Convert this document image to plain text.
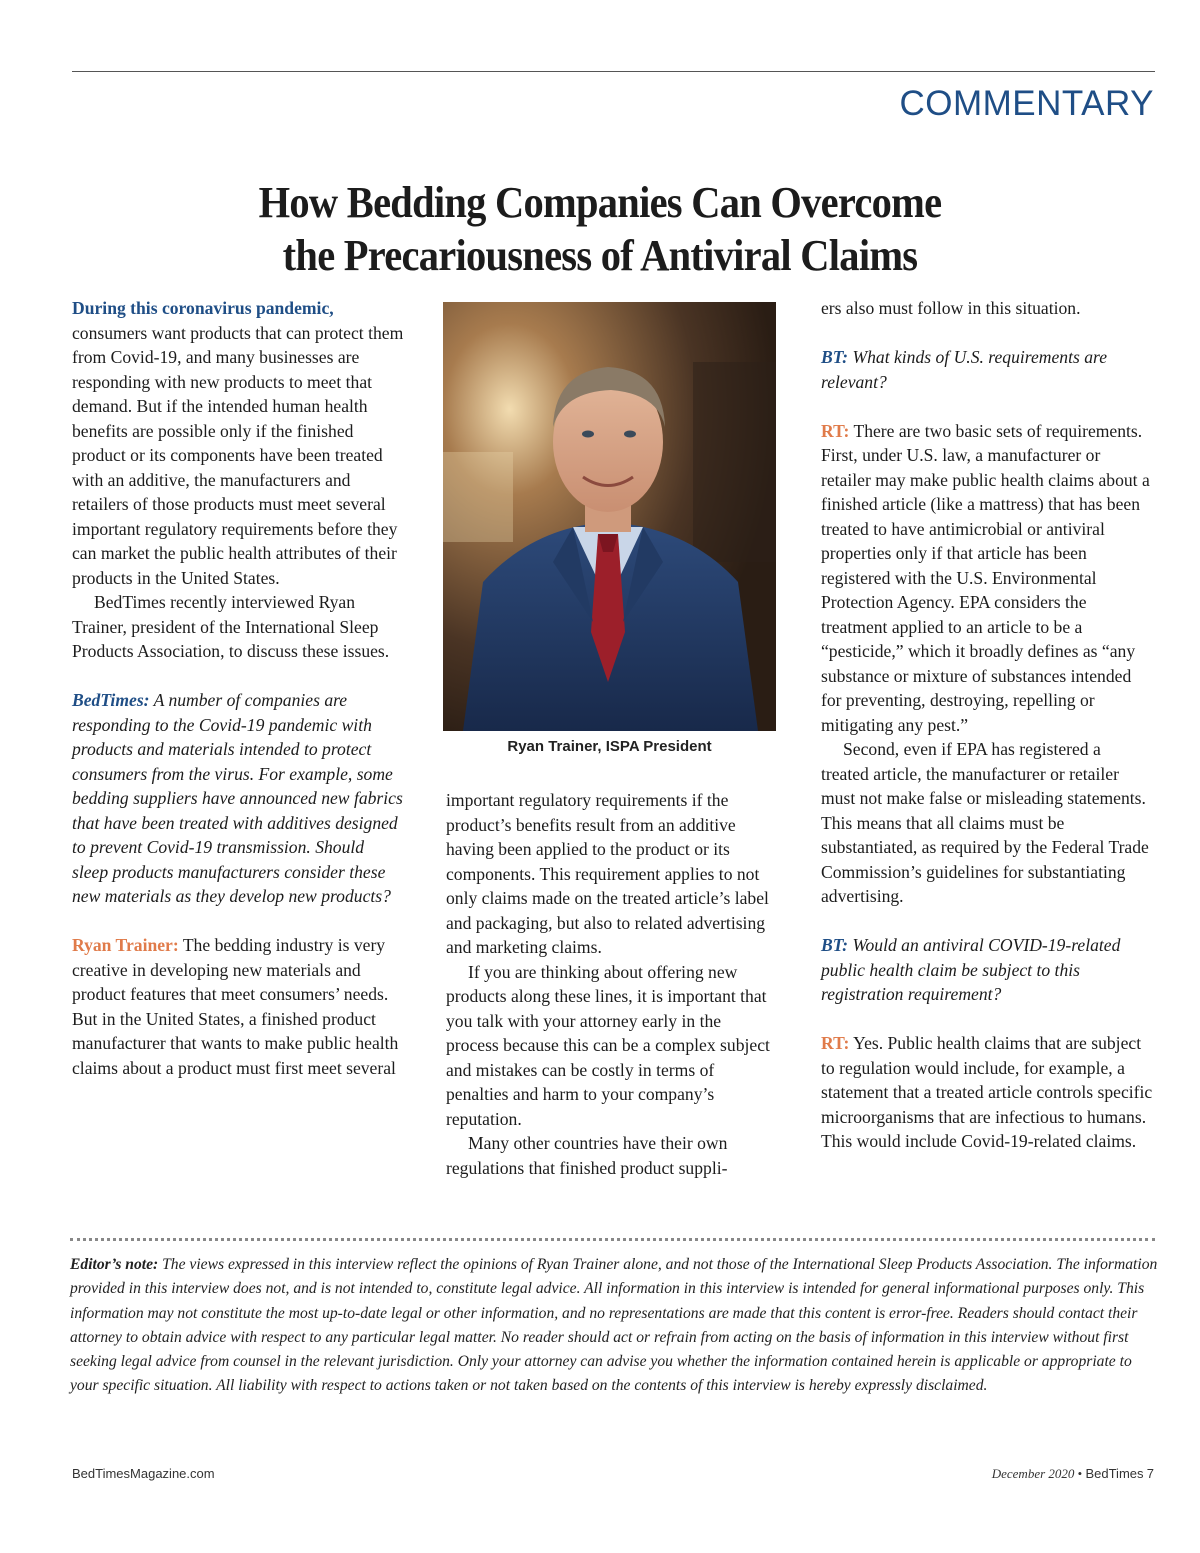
COMMENTARY
How Bedding Companies Can Overcome
the Precariousness of Antiviral Claims

During this coronavirus pandemic, consumers want products that can protect them from Covid-19, and many businesses are responding with new products to meet that demand. But if the intended human health benefits are possible only if the finished product or its components have been treated with an additive, the manufacturers and retailers of those products must meet several important regulatory requirements before they can market the public health attributes of their products in the United States.

BedTimes recently interviewed Ryan Trainer, president of the International Sleep Products Association, to discuss these issues.

BedTimes: A number of companies are responding to the Covid-19 pandemic with products and materials intended to protect consumers from the virus. For example, some bedding suppliers have announced new fabrics that have been treated with additives designed to prevent Covid-19 transmission. Should sleep products manufacturers consider these new materials as they develop new products?

Ryan Trainer: The bedding industry is very creative in developing new materials and product features that meet consumers’ needs. But in the United States, a finished product manufacturer that wants to make public health claims about a product must first meet several

Ryan Trainer, ISPA President

important regulatory requirements if the product’s benefits result from an additive having been applied to the product or its components. This requirement applies to not only claims made on the treated article’s label and packaging, but also to related advertising and marketing claims.

If you are thinking about offering new products along these lines, it is important that you talk with your attorney early in the process because this can be a complex subject and mistakes can be costly in terms of penalties and harm to your company’s reputation.

Many other countries have their own regulations that finished product suppli-

ers also must follow in this situation.

BT: What kinds of U.S. requirements are relevant?

RT: There are two basic sets of requirements. First, under U.S. law, a manufacturer or retailer may make public health claims about a finished article (like a mattress) that has been treated to have antimicrobial or antiviral properties only if that article has been registered with the U.S. Environmental Protection Agency. EPA considers the treatment applied to an article to be a “pesticide,” which it broadly defines as “any substance or mixture of substances intended for preventing, destroying, repelling or mitigating any pest.”

Second, even if EPA has registered a treated article, the manufacturer or retailer must not make false or misleading statements. This means that all claims must be substantiated, as required by the Federal Trade Commission’s guidelines for substantiating advertising.

BT: Would an antiviral COVID-19-related public health claim be subject to this registration requirement?

RT: Yes. Public health claims that are subject to regulation would include, for example, a statement that a treated article controls specific microorganisms that are infectious to humans. This would include Covid-19-related claims.

Editor’s note: The views expressed in this interview reflect the opinions of Ryan Trainer alone, and not those of the International Sleep Products Association. The information provided in this interview does not, and is not intended to, constitute legal advice. All information in this interview is intended for general informational purposes only. This information may not constitute the most up-to-date legal or other information, and no representations are made that this content is error-free. Readers should contact their attorney to obtain advice with respect to any particular legal matter. No reader should act or refrain from acting on the basis of information in this interview without first seeking legal advice from counsel in the relevant jurisdiction. Only your attorney can advise you whether the information contained herein is applicable or appropriate to your specific situation. All liability with respect to actions taken or not taken based on the contents of this interview is hereby expressly disclaimed.
BedTimesMagazine.com	December 2020 • BedTimes 7
